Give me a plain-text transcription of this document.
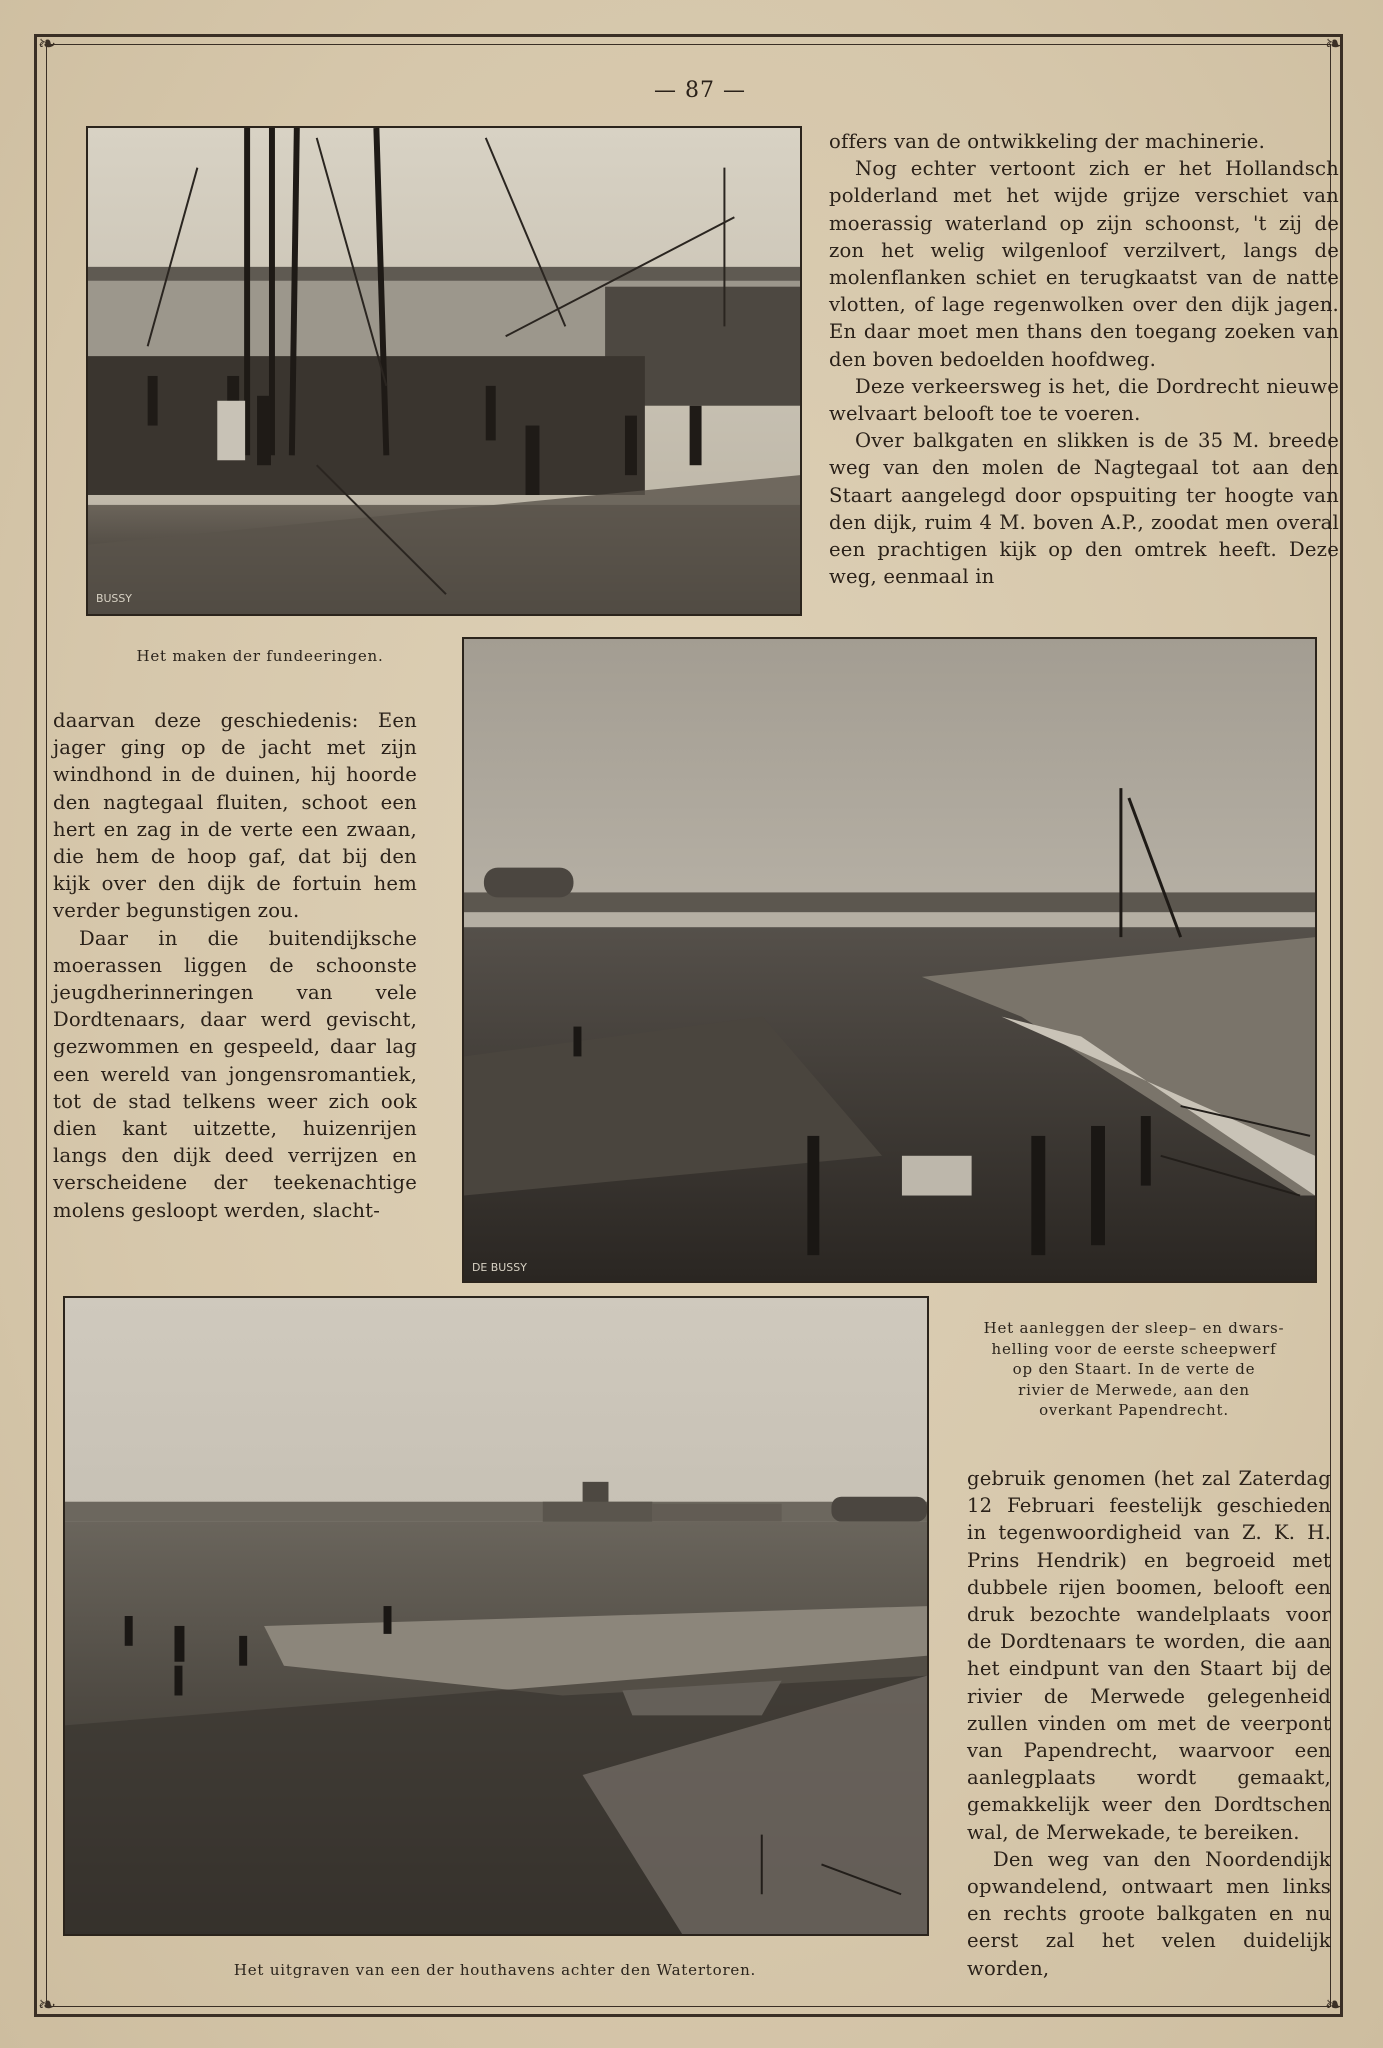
❧	❧
❧	❧
— 87 —
BUSSY

offers van de ontwikkeling der machinerie.

Nog echter vertoont zich er het Hollandsch polderland met het wijde grijze verschiet van moerassig waterland op zijn schoonst, 't zij de zon het welig wilgenloof verzilvert, langs de molenflanken schiet en terugkaatst van de natte vlotten, of lage regenwolken over den dijk jagen. En daar moet men thans den toegang zoeken van den boven bedoelden hoofdweg.

Deze verkeersweg is het, die Dordrecht nieuwe welvaart belooft toe te voeren.

Over balkgaten en slikken is de 35 M. breede weg van den molen de Nagtegaal tot aan den Staart aangelegd door opspuiting ter hoogte van den dijk, ruim 4 M. boven A.P., zoodat men overal een prachtigen kijk op den omtrek heeft. Deze weg, eenmaal in

Het maken der fundeeringen.
DE BUSSY

daarvan deze geschiedenis: Een jager ging op de jacht met zijn windhond in de duinen, hij hoorde den nagtegaal fluiten, schoot een hert en zag in de verte een zwaan, die hem de hoop gaf, dat bij den kijk over den dijk de fortuin hem verder begunstigen zou.

Daar in die buitendijksche moerassen liggen de schoonste jeugdherinneringen van vele Dordtenaars, daar werd gevischt, gezwommen en gespeeld, daar lag een wereld van jongensromantiek, tot de stad telkens weer zich ook dien kant uitzette, huizenrijen langs den dijk deed verrijzen en verscheidene der teekenachtige molens gesloopt werden, slacht-

Het aanleggen der sleep– en dwars-
helling voor de eerste scheepwerf
op den Staart. In de verte de
rivier de Merwede, aan den
overkant Papendrecht.

gebruik genomen (het zal Zaterdag 12 Februari feestelijk geschieden in tegenwoordigheid van Z. K. H. Prins Hendrik) en begroeid met dubbele rijen boomen, belooft een druk bezochte wandelplaats voor de Dordtenaars te worden, die aan het eindpunt van den Staart bij de rivier de Merwede gelegenheid zullen vinden om met de veerpont van Papendrecht, waarvoor een aanlegplaats wordt gemaakt, gemakkelijk weer den Dordtschen wal, de Merwekade, te bereiken.

Den weg van den Noordendijk opwandelend, ontwaart men links en rechts groote balkgaten en nu eerst zal het velen duidelijk worden,

Het uitgraven van een der houthavens achter den Watertoren.
